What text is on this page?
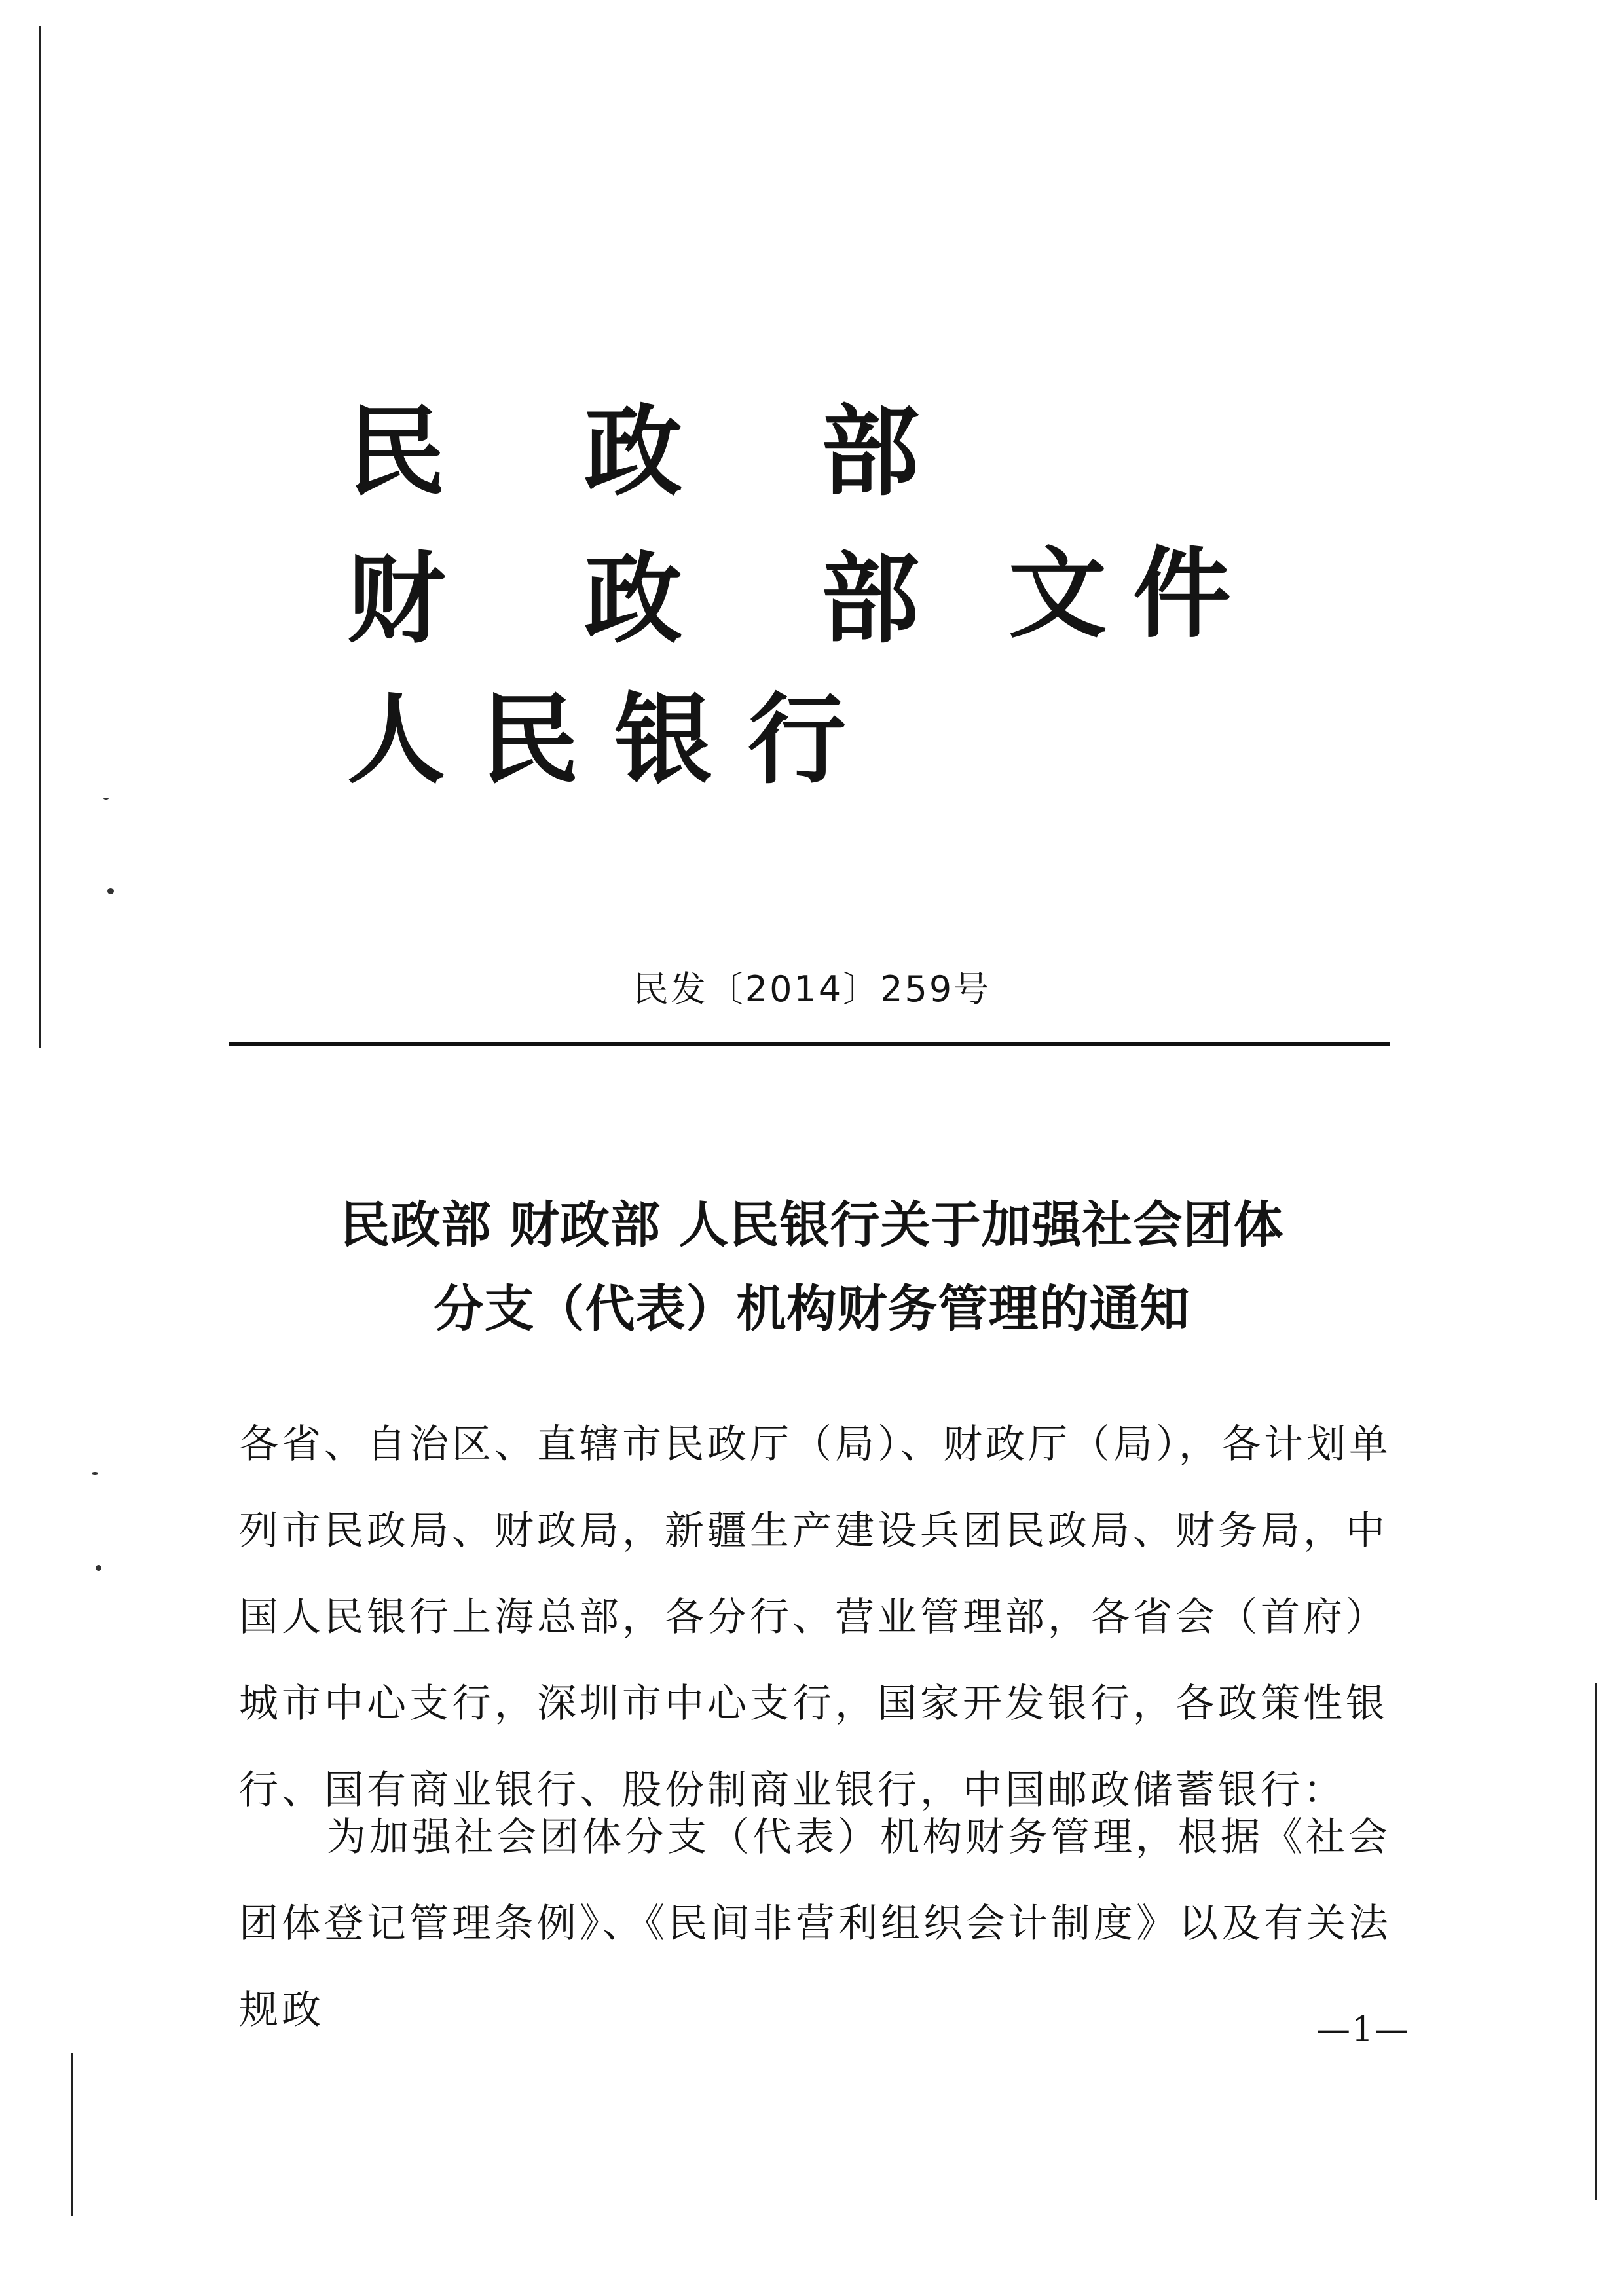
民政部
财政部
人民银行
文件
民发〔2014〕259号
民政部 财政部 人民银行关于加强社会团体
分支（代表）机构财务管理的通知
各省、自治区、直辖市民政厅（局）、财政厅（局），各计划单列市民政局、财政局，新疆生产建设兵团民政局、财务局，中国人民银行上海总部，各分行、营业管理部，各省会（首府）城市中心支行，深圳市中心支行，国家开发银行，各政策性银行、国有商业银行、股份制商业银行，中国邮政储蓄银行：
为加强社会团体分支（代表）机构财务管理，根据《社会团体登记管理条例》、《民间非营利组织会计制度》以及有关法规政	—1—
